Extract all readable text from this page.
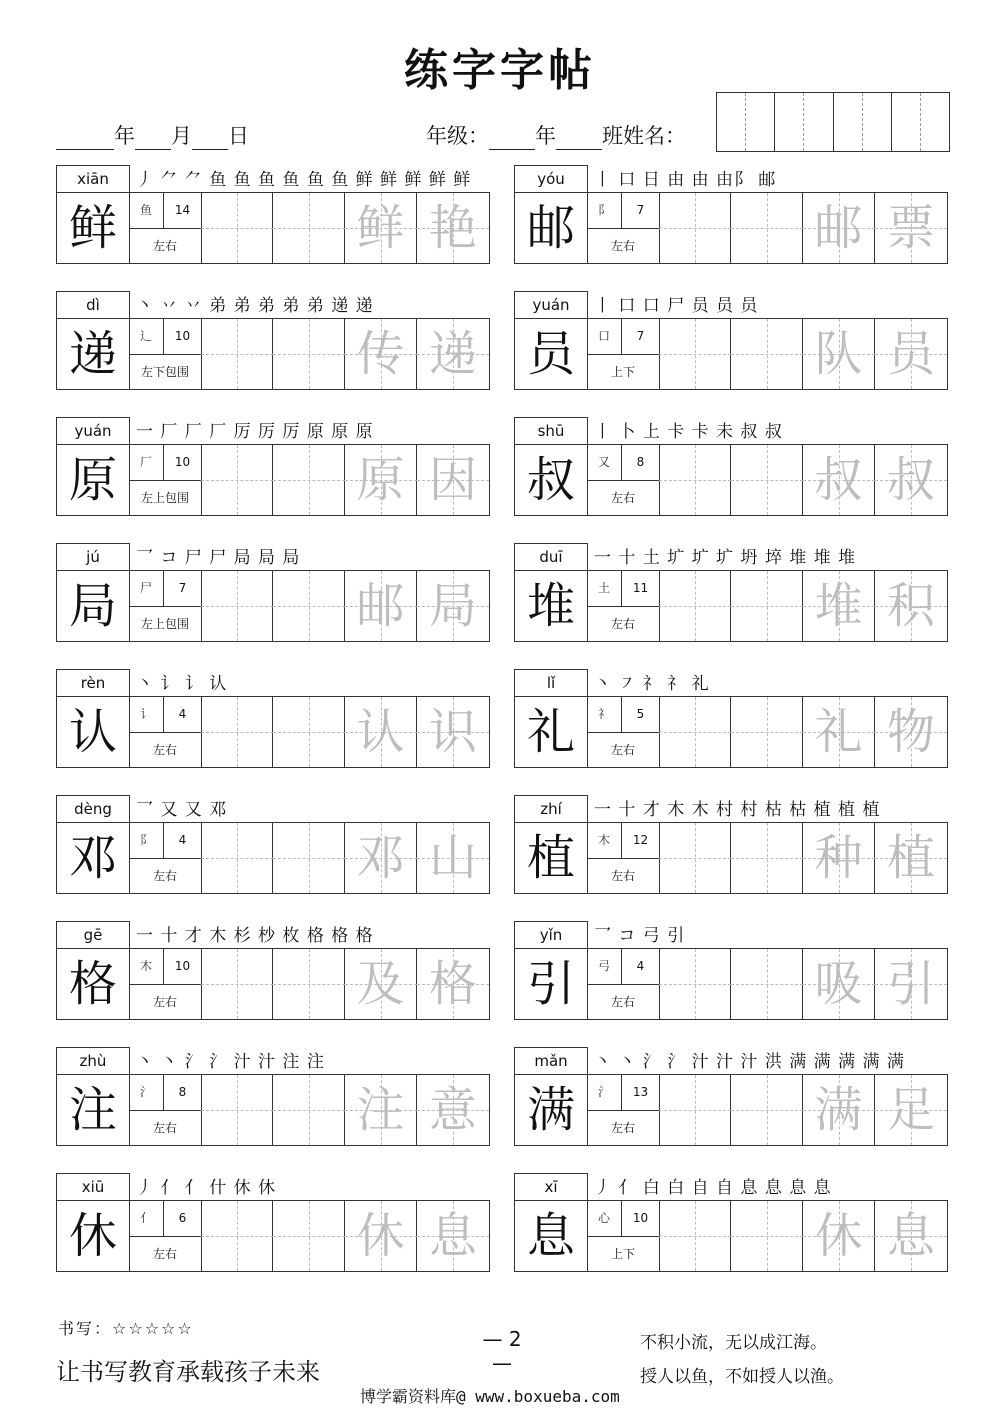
练字字帖
年 月 日	年级： 年 班姓名：
xiān	丿 ⺈ ⺈ 鱼 鱼 鱼 鱼 鱼 鱼 鲜 鲜 鲜 鲜 鲜
鲜	鱼	14
左右	鲜 艳
yóu	丨 口 日 由 由 由阝 邮
邮	阝	7
左右	邮 票
dì	丶 丷 丷 弟 弟 弟 弟 弟 递 递
递	辶	10
左下包围	传 递
yuán	丨 口 口 尸 员 员 员
员	口	7
上下	队 员
yuán	一 厂 厂 厂 厉 厉 厉 原 原 原
原	厂	10
左上包围	原 因
shū	丨 卜 上 卡 卡 未 叔 叔
叔	又	8
左右	叔 叔
jú	乛 コ 尸 尸 局 局 局
局	尸	7
左上包围	邮 局
duī	一 十 土 圹 圹 圹 坍 埣 堆 堆 堆
堆	土	11
左右	堆 积
rèn	丶 讠 讠 认
认	讠	4
左右	认 识
lǐ	丶 ㇇ 礻 礻 礼
礼	礻	5
左右	礼 物
dèng	乛 又 又 邓
邓	阝	4
左右	邓 山
zhí	一 十 才 木 木 村 村 枯 枯 植 植 植
植	木	12
左右	种 植
gē	一 十 才 木 杉 杪 枚 格 格 格
格	木	10
左右	及 格
yǐn	乛 コ 弓 引
引	弓	4
左右	吸 引
zhù	丶 丶 氵 氵 汁 汁 注 注
注	氵	8
左右	注 意
mǎn	丶 丶 氵 氵 汁 汁 汁 洪 满 满 满 满 满
满	氵	13
左右	满 足
xiū	丿 亻 亻 什 休 休
休	亻	6
左右	休 息
xī	丿 亻 白 白 自 自 息 息 息 息
息	心	10
上下	休 息
书写：☆☆☆☆☆
让书写教育承载孩子未来
— 2 —
不积小流，无以成江海。
授人以鱼，不如授人以渔。
博学霸资料库@ www.boxueba.com
